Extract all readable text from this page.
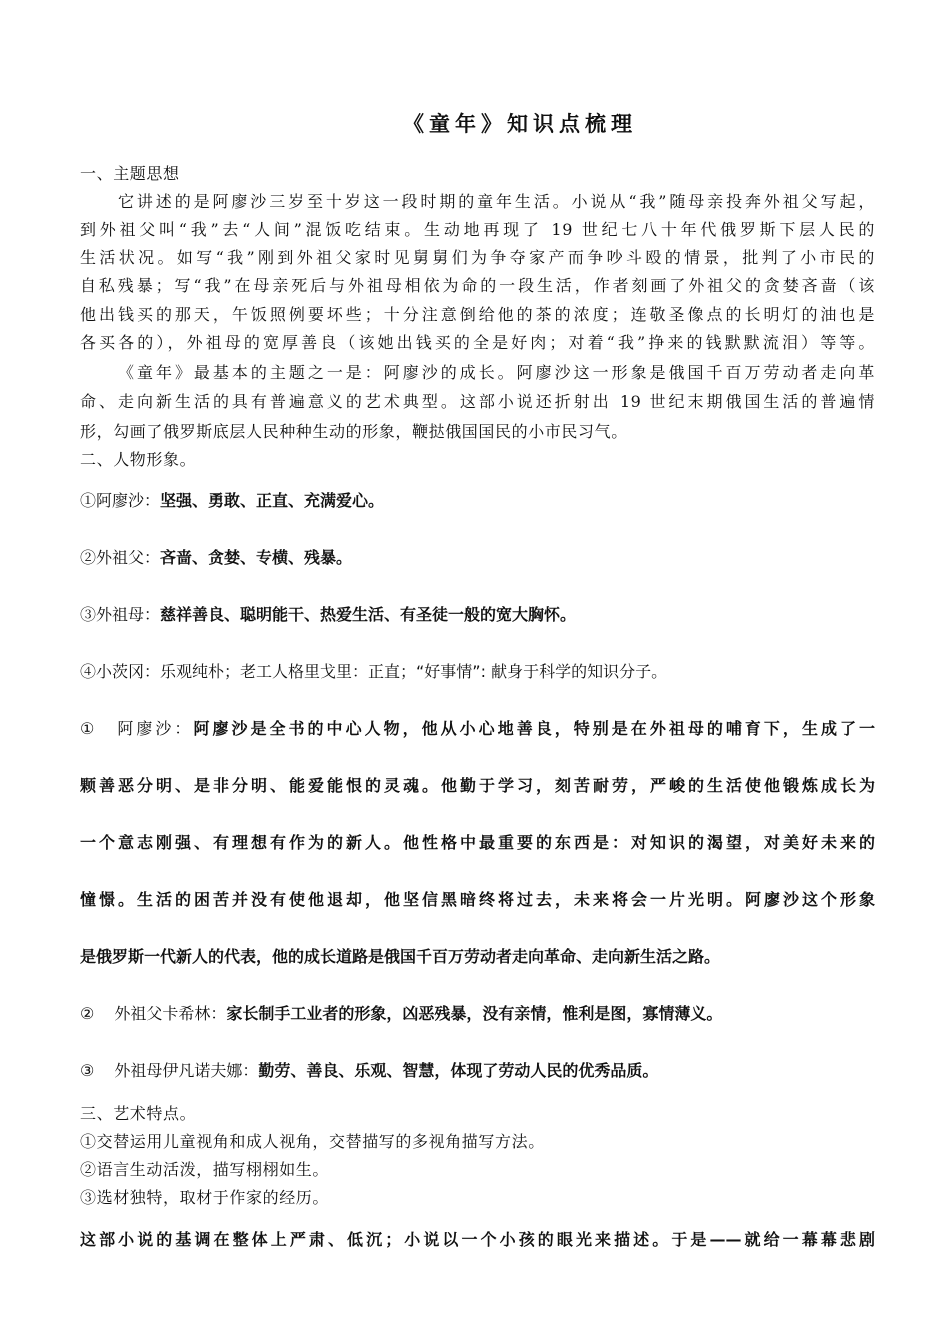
《童年》知识点梳理
一、主题思想
它讲述的是阿廖沙三岁至十岁这一段时期的童年生活。小说从“我”随母亲投奔外祖父写起，
到外祖父叫“我”去“人间”混饭吃结束。生动地再现了 19 世纪七八十年代俄罗斯下层人民的
生活状况。如写“我”刚到外祖父家时见舅舅们为争夺家产而争吵斗殴的情景，批判了小市民的
自私残暴；写“我”在母亲死后与外祖母相依为命的一段生活，作者刻画了外祖父的贪婪吝啬（该
他出钱买的那天，午饭照例要坏些；十分注意倒给他的茶的浓度；连敬圣像点的长明灯的油也是
各买各的），外祖母的宽厚善良（该她出钱买的全是好肉；对着“我”挣来的钱默默流泪）等等。
《童年》最基本的主题之一是：阿廖沙的成长。阿廖沙这一形象是俄国千百万劳动者走向革
命、走向新生活的具有普遍意义的艺术典型。这部小说还折射出 19 世纪末期俄国生活的普遍情
形，勾画了俄罗斯底层人民种种生动的形象，鞭挞俄国国民的小市民习气。
二、人物形象。
①阿廖沙：坚强、勇敢、正直、充满爱心。
②外祖父：吝啬、贪婪、专横、残暴。
③外祖母：慈祥善良、聪明能干、热爱生活、有圣徒一般的宽大胸怀。
④小茨冈：乐观纯朴；老工人格里戈里：正直；“好事情”: 献身于科学的知识分子。
① 阿廖沙：阿廖沙是全书的中心人物，他从小心地善良，特别是在外祖母的哺育下，生成了一
颗善恶分明、是非分明、能爱能恨的灵魂。他勤于学习，刻苦耐劳，严峻的生活使他锻炼成长为
一个意志刚强、有理想有作为的新人。他性格中最重要的东西是：对知识的渴望，对美好未来的
憧憬。生活的困苦并没有使他退却，他坚信黑暗终将过去，未来将会一片光明。阿廖沙这个形象
是俄罗斯一代新人的代表，他的成长道路是俄国千百万劳动者走向革命、走向新生活之路。
② 外祖父卡希林：家长制手工业者的形象，凶恶残暴，没有亲情，惟利是图，寡情薄义。
③ 外祖母伊凡诺夫娜：勤劳、善良、乐观、智慧，体现了劳动人民的优秀品质。
三、艺术特点。
①交替运用儿童视角和成人视角，交替描写的多视角描写方法。
②语言生动活泼，描写栩栩如生。
③选材独特，取材于作家的经历。
这部小说的基调在整体上严肃、低沉；小说以一个小孩的眼光来描述。于是——就给一幕幕悲剧
